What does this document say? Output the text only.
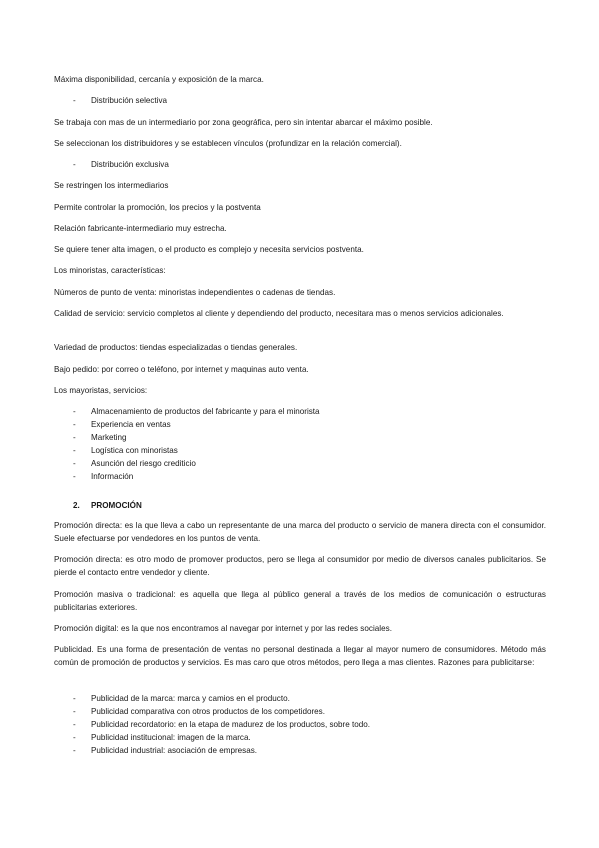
Máxima disponibilidad, cercanía y exposición de la marca.
- Distribución selectiva
Se trabaja con mas de un intermediario por zona geográfica, pero sin intentar abarcar el máximo posible.
Se seleccionan los distribuidores y se establecen vínculos (profundizar en la relación comercial).
- Distribución exclusiva
Se restringen los intermediarios
Permite controlar la promoción, los precios y la postventa
Relación fabricante-intermediario muy estrecha.
Se quiere tener alta imagen, o el producto es complejo y necesita servicios postventa.
Los minoristas, características:
Números de punto de venta: minoristas independientes o cadenas de tiendas.
Calidad de servicio: servicio completos al cliente y dependiendo del producto, necesitara mas o menos servicios adicionales.
Variedad de productos: tiendas especializadas o tiendas generales.
Bajo pedido: por correo o teléfono, por internet y maquinas auto venta.
Los mayoristas, servicios:
- Almacenamiento de productos del fabricante y para el minorista
- Experiencia en ventas
- Marketing
- Logística con minoristas
- Asunción del riesgo crediticio
- Información
2. PROMOCIÓN
Promoción directa: es la que lleva a cabo un representante de una marca del producto o servicio de manera directa con el consumidor. Suele efectuarse por vendedores en los puntos de venta.
Promoción directa: es otro modo de promover productos, pero se llega al consumidor por medio de diversos canales publicitarios. Se pierde el contacto entre vendedor y cliente.
Promoción masiva o tradicional: es aquella que llega al público general a través de los medios de comunicación o estructuras publicitarias exteriores.
Promoción digital: es la que nos encontramos al navegar por internet y por las redes sociales.
Publicidad. Es una forma de presentación de ventas no personal destinada a llegar al mayor numero de consumidores. Método más común de promoción de productos y servicios. Es mas caro que otros métodos, pero llega a mas clientes. Razones para publicitarse:
- Publicidad de la marca: marca y camios en el producto.
- Publicidad comparativa con otros productos de los competidores.
- Publicidad recordatorio: en la etapa de madurez de los productos, sobre todo.
- Publicidad institucional: imagen de la marca.
- Publicidad industrial: asociación de empresas.
